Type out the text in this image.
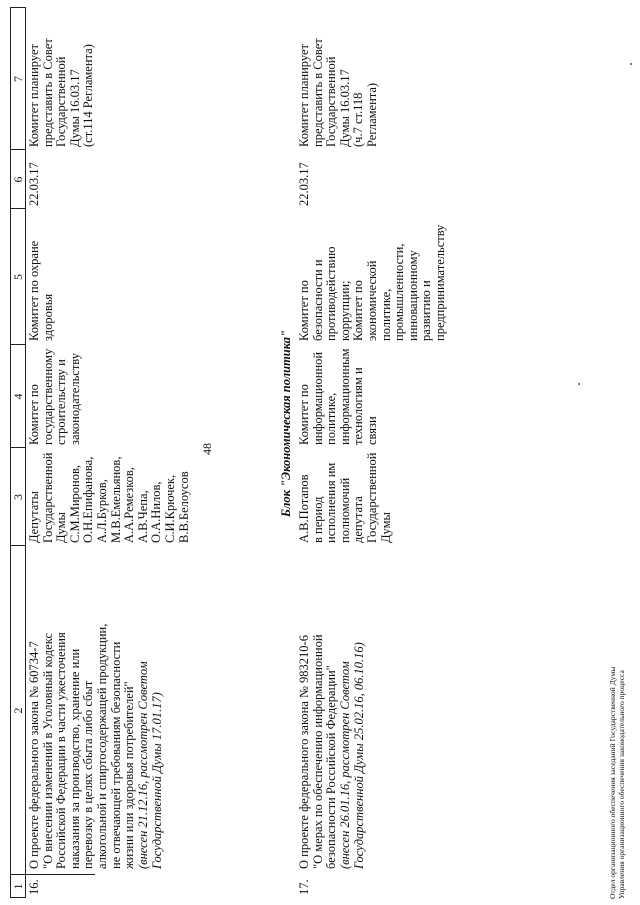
48
1
2
3
4
5
6
7
16.
О проекте федерального закона № 60734-7
"О внесении изменений в Уголовный кодекс
Российской Федерации в части ужесточения
наказания за производство, хранение или
перевозку в целях сбыта либо сбыт
алкогольной и спиртосодержащей продукции,
не отвечающей требованиям безопасности
жизни или здоровья потребителей"
(внесен 21.12.16, рассмотрен Советом
Государственной Думы 17.01.17)
Депутаты
Государственной
Думы
С.М.Миронов,
О.Н.Епифанова,
А.Л.Бурков,
М.В.Емельянов,
А.А.Ремезков,
А.В.Чепа,
О.А.Нилов,
С.И.Крючек,
В.В.Белоусов
Комитет по
государственному
строительству и
законодательству
Комитет по охране
здоровья
22.03.17
Комитет планирует
представить в Совет
Государственной
Думы 16.03.17
(ст.114 Регламента)
Блок "Экономическая политика"
17.
О проекте федерального закона № 983210-6
"О мерах по обеспечению информационной
безопасности Российской Федерации"
(внесен 26.01.16, рассмотрен Советом
Государственной Думы 25.02.16, 06.10.16)
А.В.Потапов
в период
исполнения им
полномочий
депутата
Государственной
Думы
Комитет по
информационной
политике,
информационным
технологиям и связи
Комитет по
безопасности и
противодействию
коррупции;
Комитет по
экономической
политике,
промышленности,
инновационному
развитию и
предпринимательству
22.03.17
Комитет планирует
представить в Совет
Государственной
Думы 16.03.17
(ч.7 ст.118
Регламента)
Отдел организационного обеспечения заседаний Государственной Думы
Управления организационного обеспечения законодательного процесса
